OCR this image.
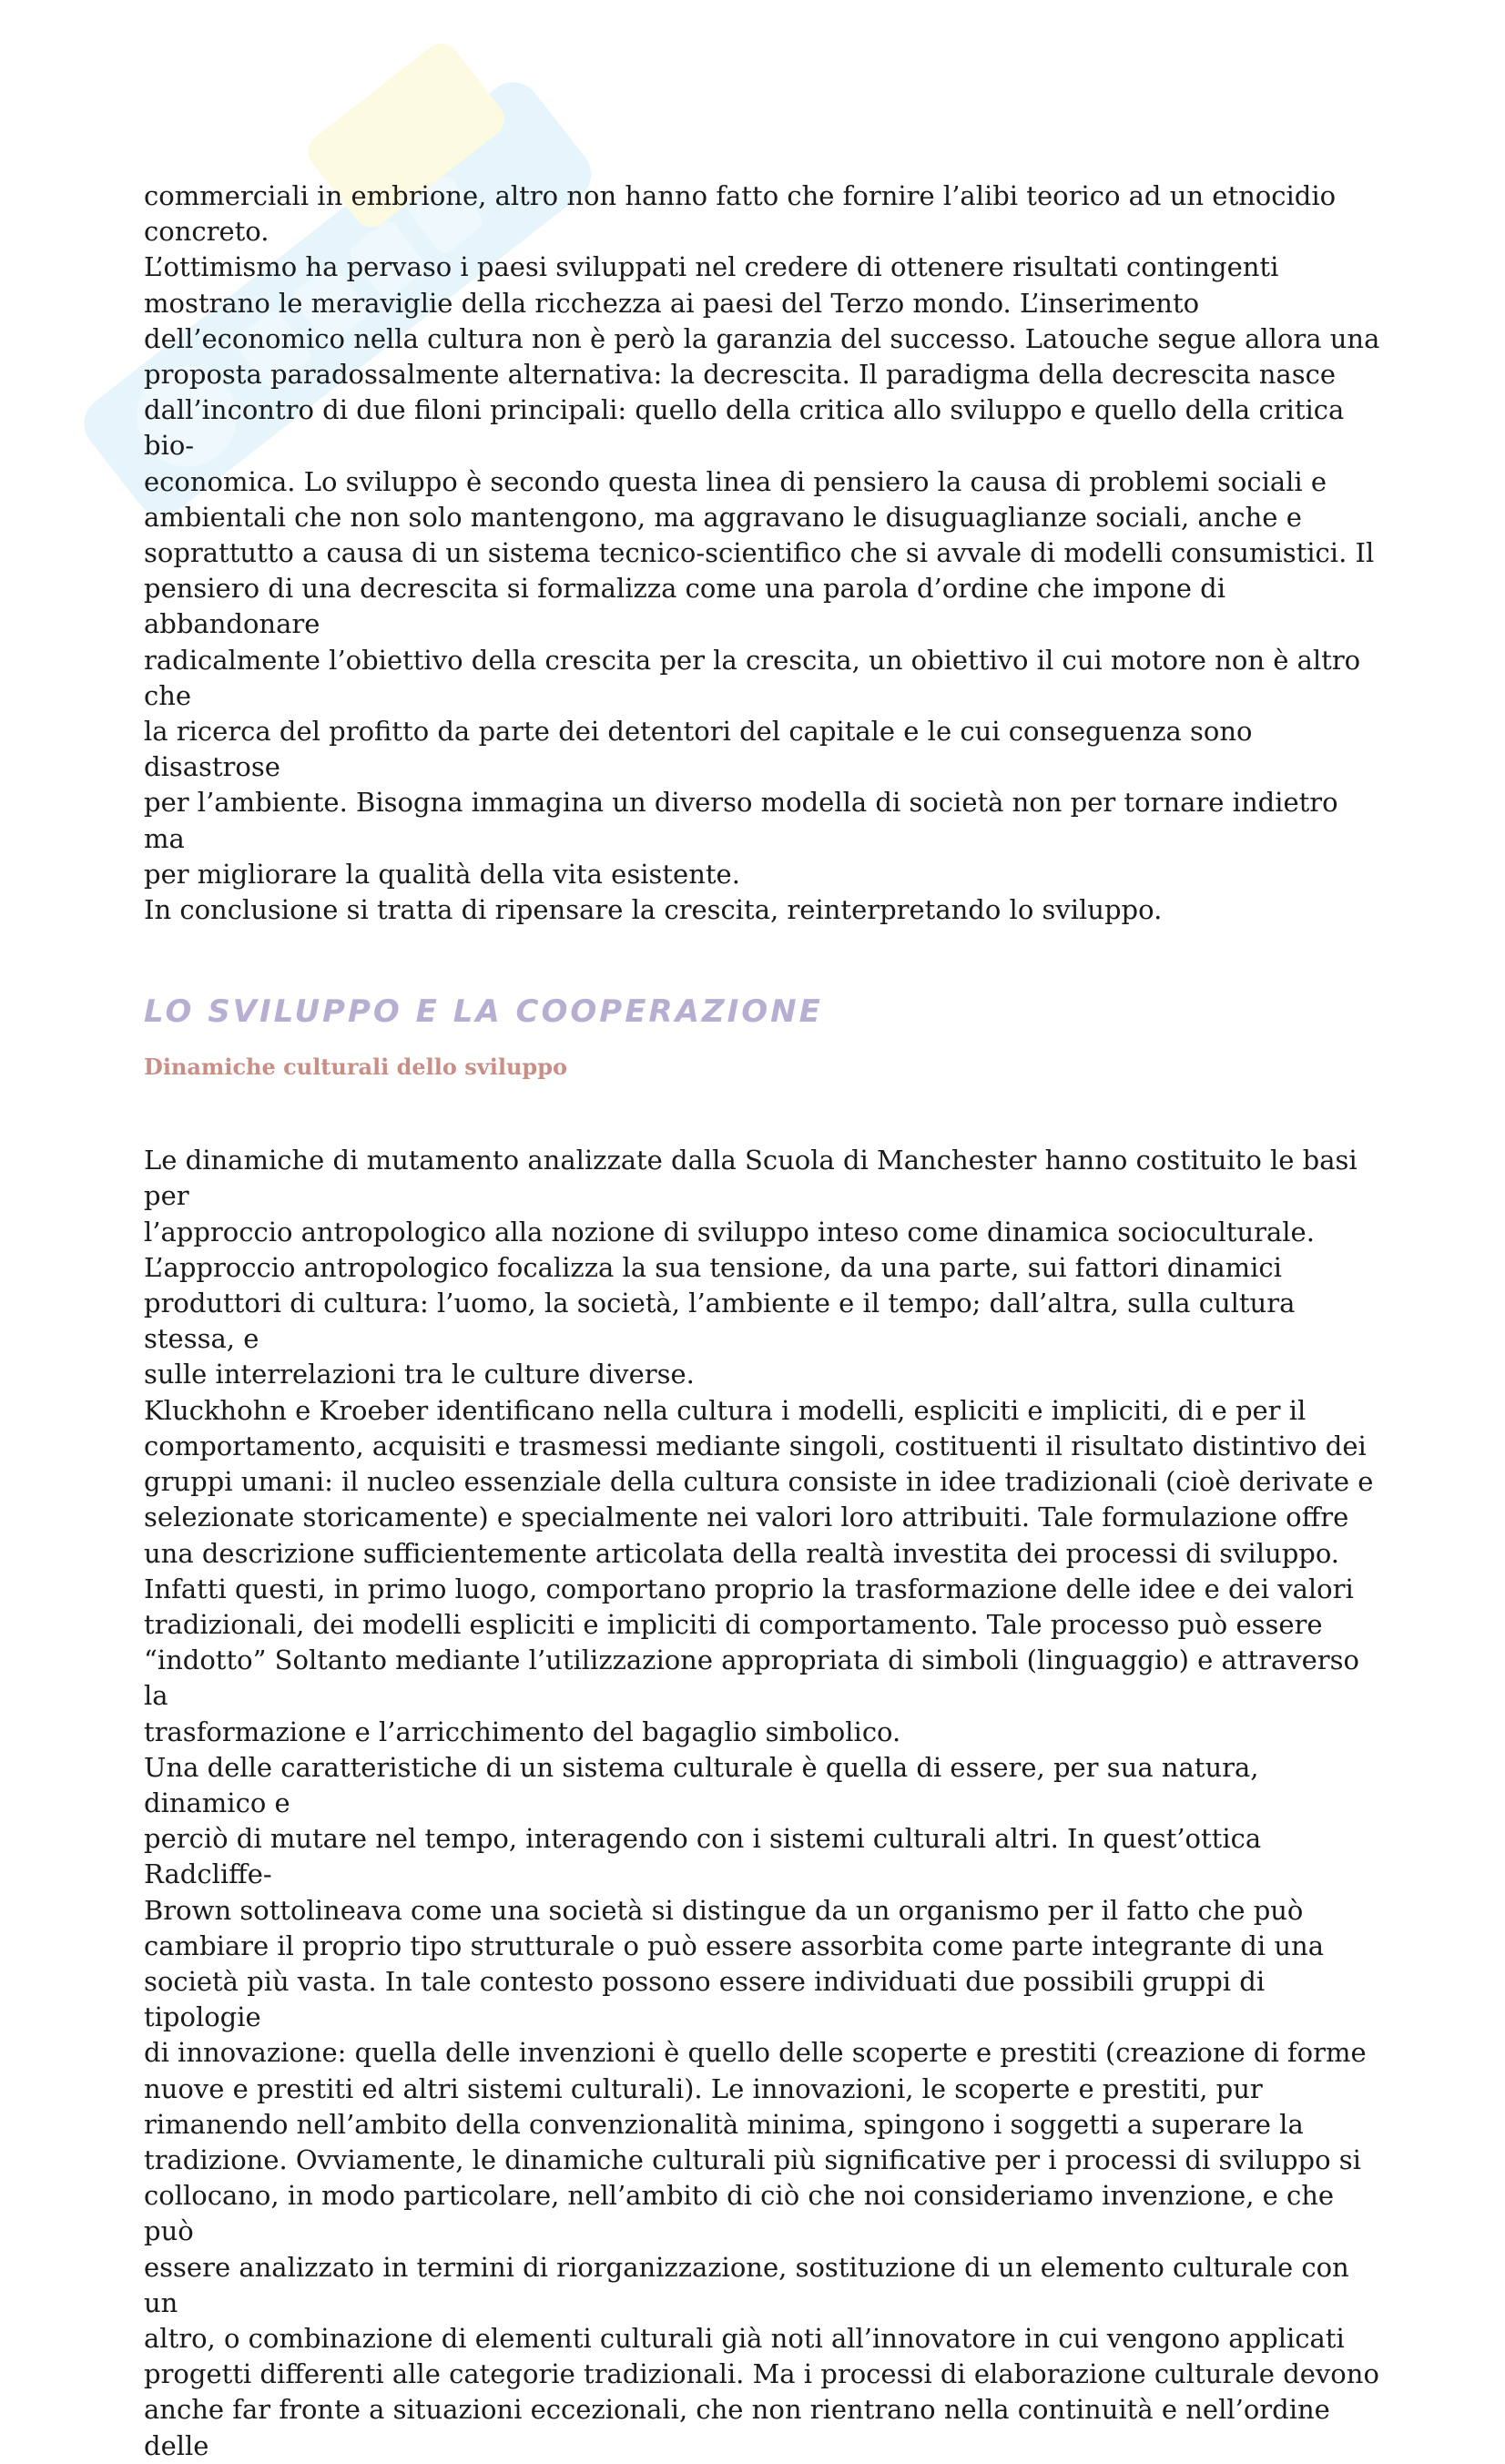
commerciali in embrione, altro non hanno fatto che fornire l’alibi teorico ad un etnocidio
concreto.
L’ottimismo ha pervaso i paesi sviluppati nel credere di ottenere risultati contingenti
mostrano le meraviglie della ricchezza ai paesi del Terzo mondo. L’inserimento
dell’economico nella cultura non è però la garanzia del successo. Latouche segue allora una
proposta paradossalmente alternativa: la decrescita. Il paradigma della decrescita nasce
dall’incontro di due filoni principali: quello della critica allo sviluppo e quello della critica bio-
economica. Lo sviluppo è secondo questa linea di pensiero la causa di problemi sociali e
ambientali che non solo mantengono, ma aggravano le disuguaglianze sociali, anche e
soprattutto a causa di un sistema tecnico-scientifico che si avvale di modelli consumistici. Il
pensiero di una decrescita si formalizza come una parola d’ordine che impone di abbandonare
radicalmente l’obiettivo della crescita per la crescita, un obiettivo il cui motore non è altro che
la ricerca del profitto da parte dei detentori del capitale e le cui conseguenza sono disastrose
per l’ambiente. Bisogna immagina un diverso modella di società non per tornare indietro ma
per migliorare la qualità della vita esistente.
In conclusione si tratta di ripensare la crescita, reinterpretando lo sviluppo.

LO SVILUPPO E LA COOPERAZIONE
Dinamiche culturali dello sviluppo

Le dinamiche di mutamento analizzate dalla Scuola di Manchester hanno costituito le basi per
l’approccio antropologico alla nozione di sviluppo inteso come dinamica socioculturale.
L’approccio antropologico focalizza la sua tensione, da una parte, sui fattori dinamici
produttori di cultura: l’uomo, la società, l’ambiente e il tempo; dall’altra, sulla cultura stessa, e
sulle interrelazioni tra le culture diverse.
Kluckhohn e Kroeber identificano nella cultura i modelli, espliciti e impliciti, di e per il
comportamento, acquisiti e trasmessi mediante singoli, costituenti il risultato distintivo dei
gruppi umani: il nucleo essenziale della cultura consiste in idee tradizionali (cioè derivate e
selezionate storicamente) e specialmente nei valori loro attribuiti. Tale formulazione offre
una descrizione sufficientemente articolata della realtà investita dei processi di sviluppo.
Infatti questi, in primo luogo, comportano proprio la trasformazione delle idee e dei valori
tradizionali, dei modelli espliciti e impliciti di comportamento. Tale processo può essere
“indotto” Soltanto mediante l’utilizzazione appropriata di simboli (linguaggio) e attraverso la
trasformazione e l’arricchimento del bagaglio simbolico.
Una delle caratteristiche di un sistema culturale è quella di essere, per sua natura, dinamico e
perciò di mutare nel tempo, interagendo con i sistemi culturali altri. In quest’ottica Radcliffe-
Brown sottolineava come una società si distingue da un organismo per il fatto che può
cambiare il proprio tipo strutturale o può essere assorbita come parte integrante di una
società più vasta. In tale contesto possono essere individuati due possibili gruppi di tipologie
di innovazione: quella delle invenzioni è quello delle scoperte e prestiti (creazione di forme
nuove e prestiti ed altri sistemi culturali). Le innovazioni, le scoperte e prestiti, pur
rimanendo nell’ambito della convenzionalità minima, spingono i soggetti a superare la
tradizione. Ovviamente, le dinamiche culturali più significative per i processi di sviluppo si
collocano, in modo particolare, nell’ambito di ciò che noi consideriamo invenzione, e che può
essere analizzato in termini di riorganizzazione, sostituzione di un elemento culturale con un
altro, o combinazione di elementi culturali già noti all’innovatore in cui vengono applicati
progetti differenti alle categorie tradizionali. Ma i processi di elaborazione culturale devono
anche far fronte a situazioni eccezionali, che non rientrano nella continuità e nell’ordine delle
